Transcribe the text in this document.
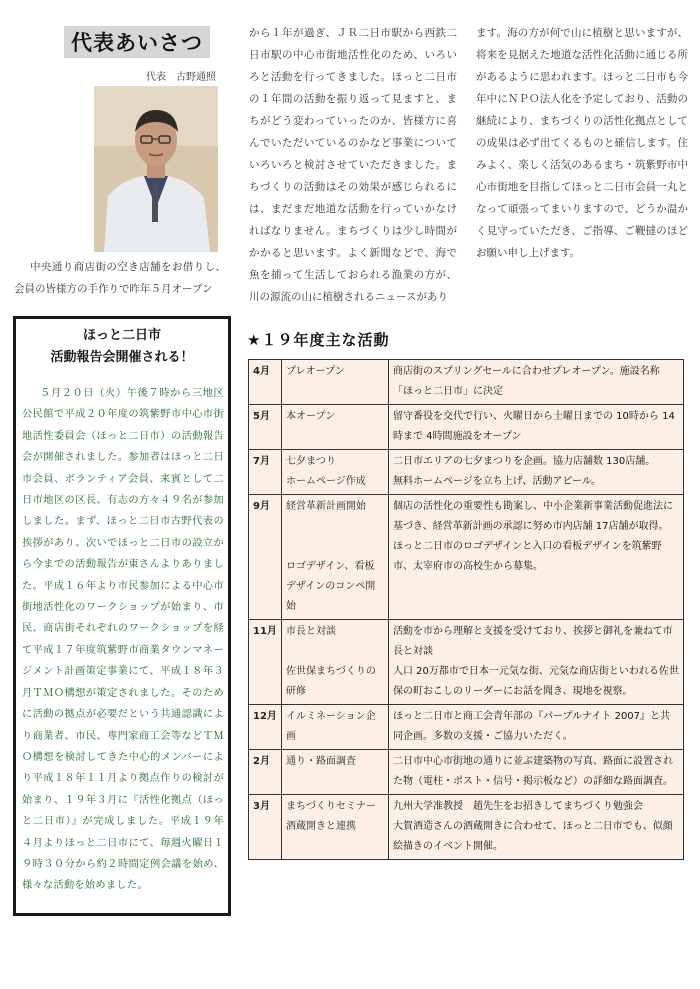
代表あいさつ
代表　古野通照

中央通り商店街の空き店舗をお借りし、会員の皆様方の手作りで昨年５月オープン

から１年が過ぎ、ＪＲ二日市駅から西鉄二日市駅の中心市街地活性化のため、いろいろと活動を行ってきました。ほっと二日市の１年間の活動を振り返って見ますと、まちがどう変わっていったのか、皆様方に喜んでいただいているのかなど事業についていろいろと検討させていただきました。まちづくりの活動はその効果が感じられるには、まだまだ地道な活動を行っていかなければなりません。まちづくりは少し時間がかかると思います。よく新聞などで、海で魚を捕って生活しておられる漁業の方が、川の源流の山に植樹されるニュースがあり

ます。海の方が何で山に植樹と思いますが、将来を見据えた地道な活性化活動に通じる所があるように思われます。ほっと二日市も今年中にＮＰＯ法人化を予定しており、活動の継続により、まちづくりの活性化拠点としての成果は必ず出てくるものと確信します。住みよく、楽しく活気のあるまち・筑紫野市中心市街地を目指してほっと二日市会員一丸となって頑張ってまいりますので、どうか温かく見守っていただき、ご指導、ご鞭撻のほどお願い申し上げます。

ほっと二日市
活動報告会開催される！

５月２０日（火）午後７時から三地区公民館で平成２０年度の筑紫野市中心市街地活性委員会（ほっと二日市）の活動報告会が開催されました。参加者はほっと二日市会員、ボランティア会員、来賓として二日市地区の区長、有志の方々４９名が参加しました。まず、ほっと二日市古野代表の挨拶があり、次いでほっと二日市の設立から今までの活動報告が東さんよりありました。平成１６年より市民参加による中心市街地活性化のワークショップが始まり、市民、商店街それぞれのワークショップを経て平成１７年度筑紫野市商業タウンマネージメント計画策定事業にて、平成１８年３月ＴＭＯ構想が策定されました。そのために活動の拠点が必要だという共通認識により商業者、市民、専門家商工会等などＴＭＯ構想を検討してきた中心的メンバーにより平成１８年１１月より拠点作りの検討が始まり、１９年３月に『活性化拠点（ほっと二日市）』が完成しました。平成１９年４月よりほっと二日市にて、毎週火曜日１９時３０分から約２時間定例会議を始め、様々な活動を始めました。

★１９年度主な活動
4月	プレオープン	商店街のスプリングセールに合わせプレオープン。施設名称「ほっと二日市」に決定

5月	本オープン	留守番役を交代で行い、火曜日から土曜日までの 10時から 14時まで 4時間施設をオープン

7月	七夕まつり
ホームページ作成	二日市エリアの七夕まつりを企画。協力店舗数 130店舗。
無料ホームページを立ち上げ、活動アピール。

9月	経営革新計画開始
ロゴデザイン、看板デザインのコンペ開始	個店の活性化の重要性も勘案し、中小企業新事業活動促進法に基づき、経営革新計画の承認に努め市内店舗 17店舗が取得。
ほっと二日市のロゴデザインと入口の看板デザインを筑紫野市、太宰府市の高校生から募集。

11月	市長と対談
佐世保まちづくりの研修	活動を市から理解と支援を受けており、挨拶と御礼を兼ねて市長と対談
人口 20万都市で日本一元気な街、元気な商店街といわれる佐世保の町おこしのリーダーにお話を聞き、現地を視察。

12月	イルミネーション企画	ほっと二日市と商工会青年部の『パープルナイト 2007』と共同企画。多数の支援・ご協力いただく。

2月	通り・路面調査	二日市中心市街地の通りに並ぶ建築物の写真、路面に設置された物（電柱・ポスト・信号・掲示板など）の詳細な路面調査。

3月	まちづくりセミナー
酒蔵開きと連携	九州大学准教授　趙先生をお招きしてまちづくり勉強会
大賀酒造さんの酒蔵開きに合わせて、ほっと二日市でも、似顔絵描きのイベント開催。
